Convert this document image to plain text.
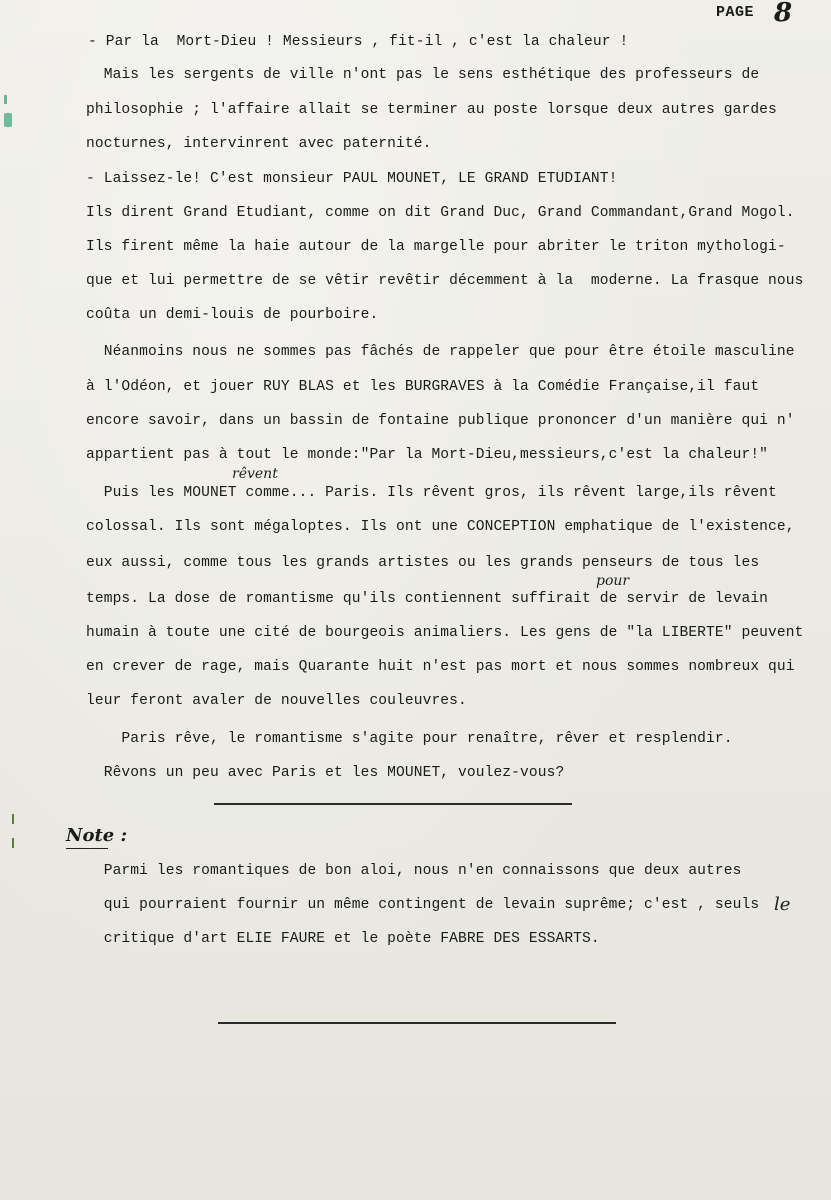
PAGE 8
- Par la  Mort-Dieu ! Messieurs , fit-il , c'est la chaleur !
Mais les sergents de ville n'ont pas le sens esthétique des professeurs de
philosophie ; l'affaire allait se terminer au poste lorsque deux autres gardes
nocturnes, intervinrent avec paternité.
- Laissez-le! C'est monsieur PAUL MOUNET, LE GRAND ETUDIANT!
Ils dirent Grand Etudiant, comme on dit Grand Duc, Grand Commandant,Grand Mogol.
Ils firent même la haie autour de la margelle pour abriter le triton mythologi-
que et lui permettre de se vêtir revêtir décemment à la  moderne. La frasque nous
coûta un demi-louis de pourboire.
Néanmoins nous ne sommes pas fâchés de rappeler que pour être étoile masculine
à l'Odéon, et jouer RUY BLAS et les BURGRAVES à la Comédie Française,il faut
encore savoir, dans un bassin de fontaine publique prononcer d'un manière qui n'
appartient pas à tout le monde:"Par la Mort-Dieu,messieurs,c'est la chaleur!"
rêvent
Puis les MOUNET comme... Paris. Ils rêvent gros, ils rêvent large,ils rêvent
colossal. Ils sont mégaloptes. Ils ont une CONCEPTION emphatique de l'existence,
eux aussi, comme tous les grands artistes ou les grands penseurs de tous les
pour
temps. La dose de romantisme qu'ils contiennent suffirait de servir de levain
humain à toute une cité de bourgeois animaliers. Les gens de "la LIBERTE" peuvent
en crever de rage, mais Quarante huit n'est pas mort et nous sommes nombreux qui
leur feront avaler de nouvelles couleuvres.
Paris rêve, le romantisme s'agite pour renaître, rêver et resplendir.
Rêvons un peu avec Paris et les MOUNET, voulez-vous?
Note :
Parmi les romantiques de bon aloi, nous n'en connaissons que deux autres
le
qui pourraient fournir un même contingent de levain suprême; c'est , seuls
critique d'art ELIE FAURE et le poète FABRE DES ESSARTS.
